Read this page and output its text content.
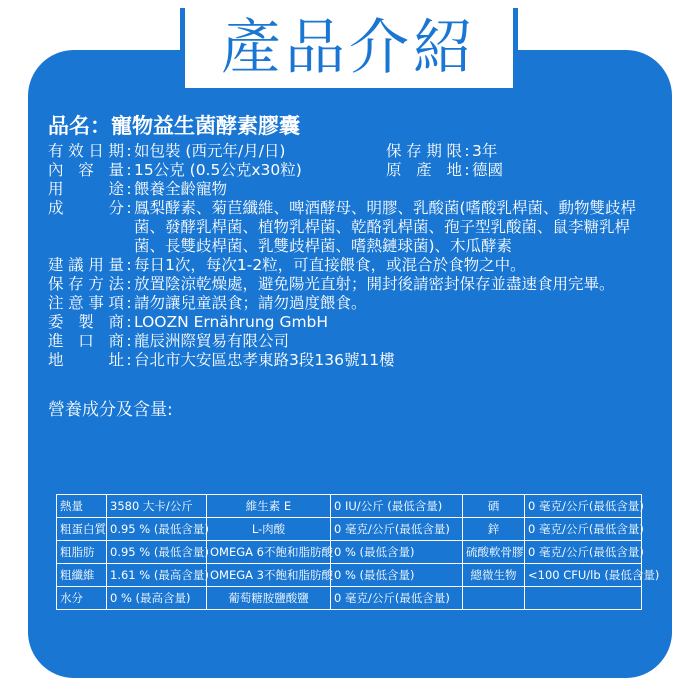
產品介紹
品名：寵物益生菌酵素膠囊
有效日期 : 如包裝 (西元年/月/日)	保存期限 : 3年
內容量 : 15公克 (0.5公克x30粒)	原產地 : 德國
用途 : 餵養全齡寵物
成分 : 鳳梨酵素、菊苣纖維、啤酒酵母、明膠、乳酸菌(嗜酸乳桿菌、動物雙歧桿菌、發酵乳桿菌、植物乳桿菌、乾酪乳桿菌、孢子型乳酸菌、鼠李糖乳桿菌、長雙歧桿菌、乳雙歧桿菌、嗜熱鏈球菌)、木瓜酵素
建議用量 : 每日1次，每次1-2粒，可直接餵食，或混合於食物之中。
保存方法 : 放置陰涼乾燥處，避免陽光直射；開封後請密封保存並盡速食用完畢。
注意事項 : 請勿讓兒童誤食；請勿過度餵食。
委製商 : LOOZN Ernährung GmbH
進口商 : 龍辰洲際貿易有限公司
地址 : 台北市大安區忠孝東路3段136號11樓
營養成分及含量:
熱量	3580 大卡/公斤	維生素 E	0 IU/公斤 (最低含量)	硒	0 毫克/公斤(最低含量)
粗蛋白質	0.95 % (最低含量)	L-肉酸	0 毫克/公斤(最低含量)	鋅	0 毫克/公斤(最低含量)
粗脂肪	0.95 % (最低含量)	OMEGA 6不飽和脂肪酸	0 % (最低含量)	硫酸軟骨膠	0 毫克/公斤(最低含量)
粗纖維	1.61 % (最高含量)	OMEGA 3不飽和脂肪酸	0 % (最低含量)	總微生物	<100 CFU/lb (最低含量)
水分	0 % (最高含量)	葡萄糖胺鹽酸鹽	0 毫克/公斤(最低含量)		
